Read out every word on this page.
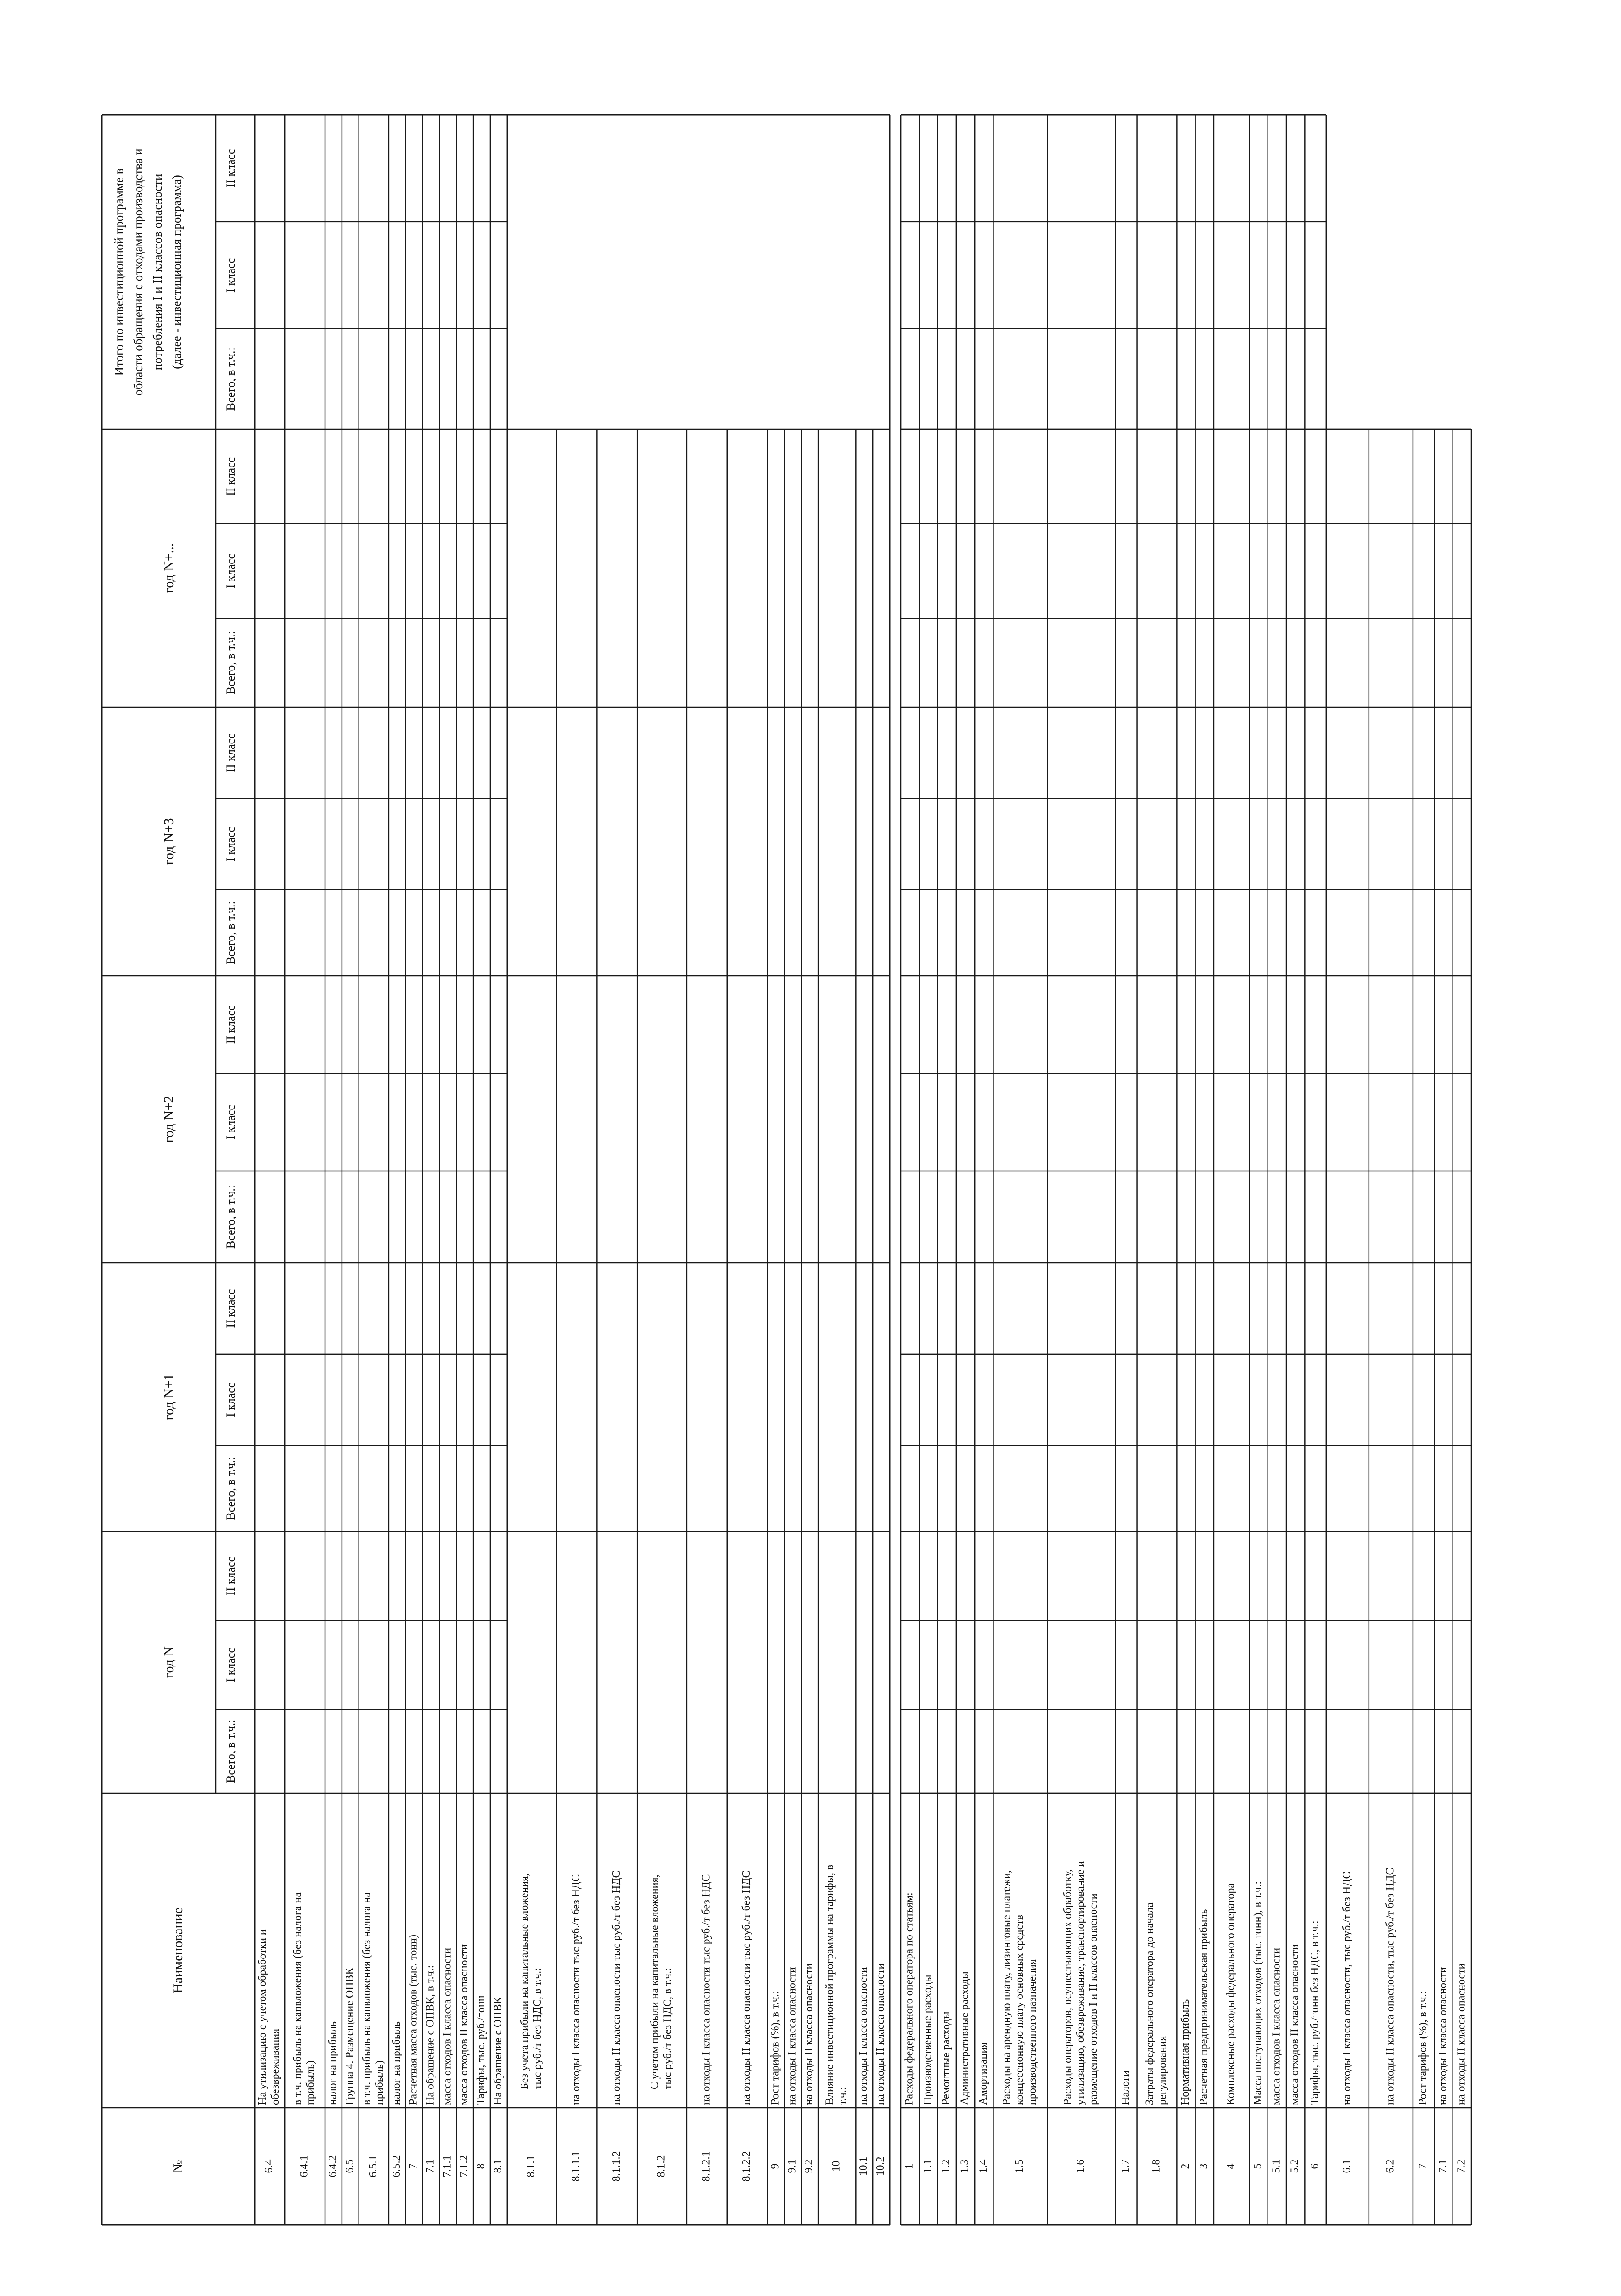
№
Наименование
год N
Всего, в т.ч.:
I класс
II класс
год N+1
Всего, в т.ч.:
I класс
II класс
год N+2
Всего, в т.ч.:
I класс
II класс
год N+3
Всего, в т.ч.:
I класс
II класс
год N+...
Всего, в т.ч.:
I класс
II класс
Итого по инвестиционной программе в области обращения с отходами производства и потребления I и II классов опасности (далее - инвестиционная программа)
Всего, в т.ч.:
I класс
II класс
6.4
На утилизацию с учетом обработки и обезвреживания
6.4.1
в т.ч. прибыль на капвложения (без налога на прибыль)
6.4.2
налог на прибыль
6.5
Группа 4. Размещение ОПВК
6.5.1
в т.ч. прибыль на капвложения (без налога на прибыль)
6.5.2
налог на прибыль
7
Расчетная масса отходов (тыс. тонн)
7.1
На обращение с ОПВК, в т.ч.:
7.1.1
масса отходов I класса опасности
7.1.2
масса отходов II класса опасности
8
Тарифы, тыс. руб./тонн
8.1
На обращение с ОПВК
8.1.1
Без учета прибыли на капитальные вложения, тыс руб./т без НДС, в т.ч.:
8.1.1.1
на отходы I класса опасности тыс руб./т без НДС
8.1.1.2
на отходы II класса опасности тыс руб./т без НДС
8.1.2
С учетом прибыли на капитальные вложения, тыс руб./т без НДС, в т.ч.:
8.1.2.1
на отходы I класса опасности тыс руб./т без НДС
8.1.2.2
на отходы II класса опасности тыс руб./т без НДС
9
Рост тарифов (%), в т.ч.:
9.1
на отходы I класса опасности
9.2
на отходы II класса опасности
10
Влияние инвестиционной программы на тарифы, в т.ч.:
10.1
на отходы I класса опасности
10.2
на отходы II класса опасности
1
Расходы федерального оператора по статьям:
1.1
Производственные расходы
1.2
Ремонтные расходы
1.3
Административные расходы
1.4
Амортизация
1.5
Расходы на арендную плату, лизинговые платежи, концессионную плату основных средств производственного назначения
1.6
Расходы операторов, осуществляющих обработку, утилизацию, обезвреживание, транспортирование и размещение отходов I и II классов опасности
1.7
Налоги
1.8
Затраты федерального оператора до начала регулирования
2
Нормативная прибыль
3
Расчетная предпринимательская прибыль
4
Комплексные расходы федерального оператора
5
Масса поступающих отходов (тыс. тонн), в т.ч.:
5.1
масса отходов I класса опасности
5.2
масса отходов II класса опасности
6
Тарифы, тыс. руб./тонн без НДС, в т.ч.:
6.1
на отходы I класса опасности, тыс руб./т без НДС
6.2
на отходы II класса опасности, тыс руб./т без НДС
7
Рост тарифов (%), в т.ч.:
7.1
на отходы I класса опасности
7.2
на отходы II класса опасности
